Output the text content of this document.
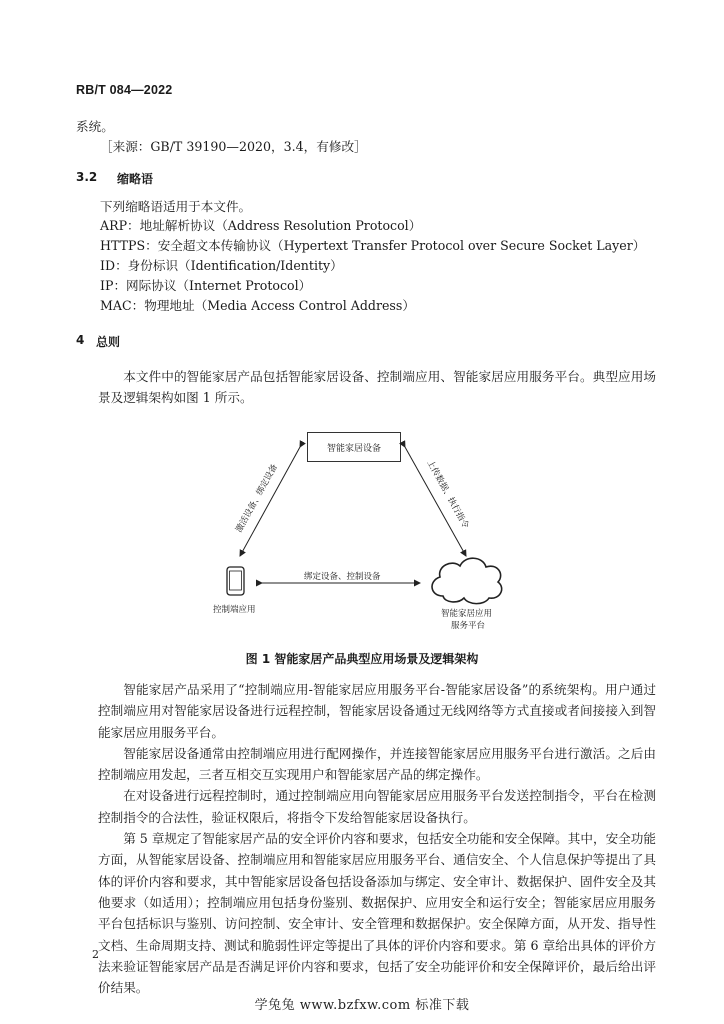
RB/T 084—2022
系统。
［来源：GB/T 39190—2020，3.4，有修改］
3.2 缩略语
下列缩略语适用于本文件。
ARP：地址解析协议（Address Resolution Protocol）
HTTPS：安全超文本传输协议（Hypertext Transfer Protocol over Secure Socket Layer）
ID：身份标识（Identification/Identity）
IP：网际协议（Internet Protocol）
MAC：物理地址（Media Access Control Address）
4 总则

本文件中的智能家居产品包括智能家居设备、控制端应用、智能家居应用服务平台。典型应用场景及逻辑架构如图 1 所示。

智能家居设备
激活设备、绑定设备	上传数据、执行指令
绑定设备、控制设备
控制端应用	智能家居应用
服务平台
图 1 智能家居产品典型应用场景及逻辑架构

智能家居产品采用了“控制端应用-智能家居应用服务平台-智能家居设备”的系统架构。用户通过控制端应用对智能家居设备进行远程控制，智能家居设备通过无线网络等方式直接或者间接接入到智能家居应用服务平台。

智能家居设备通常由控制端应用进行配网操作，并连接智能家居应用服务平台进行激活。之后由控制端应用发起，三者互相交互实现用户和智能家居产品的绑定操作。

在对设备进行远程控制时，通过控制端应用向智能家居应用服务平台发送控制指令，平台在检测控制指令的合法性，验证权限后，将指令下发给智能家居设备执行。

第 5 章规定了智能家居产品的安全评价内容和要求，包括安全功能和安全保障。其中，安全功能方面，从智能家居设备、控制端应用和智能家居应用服务平台、通信安全、个人信息保护等提出了具体的评价内容和要求，其中智能家居设备包括设备添加与绑定、安全审计、数据保护、固件安全及其他要求（如适用）；控制端应用包括身份鉴别、数据保护、应用安全和运行安全；智能家居应用服务平台包括标识与鉴别、访问控制、安全审计、安全管理和数据保护。安全保障方面，从开发、指导性文档、生命周期支持、测试和脆弱性评定等提出了具体的评价内容和要求。第 6 章给出具体的评价方法来验证智能家居产品是否满足评价内容和要求，包括了安全功能评价和安全保障评价，最后给出评价结果。

2
学兔兔 www.bzfxw.com 标准下载
